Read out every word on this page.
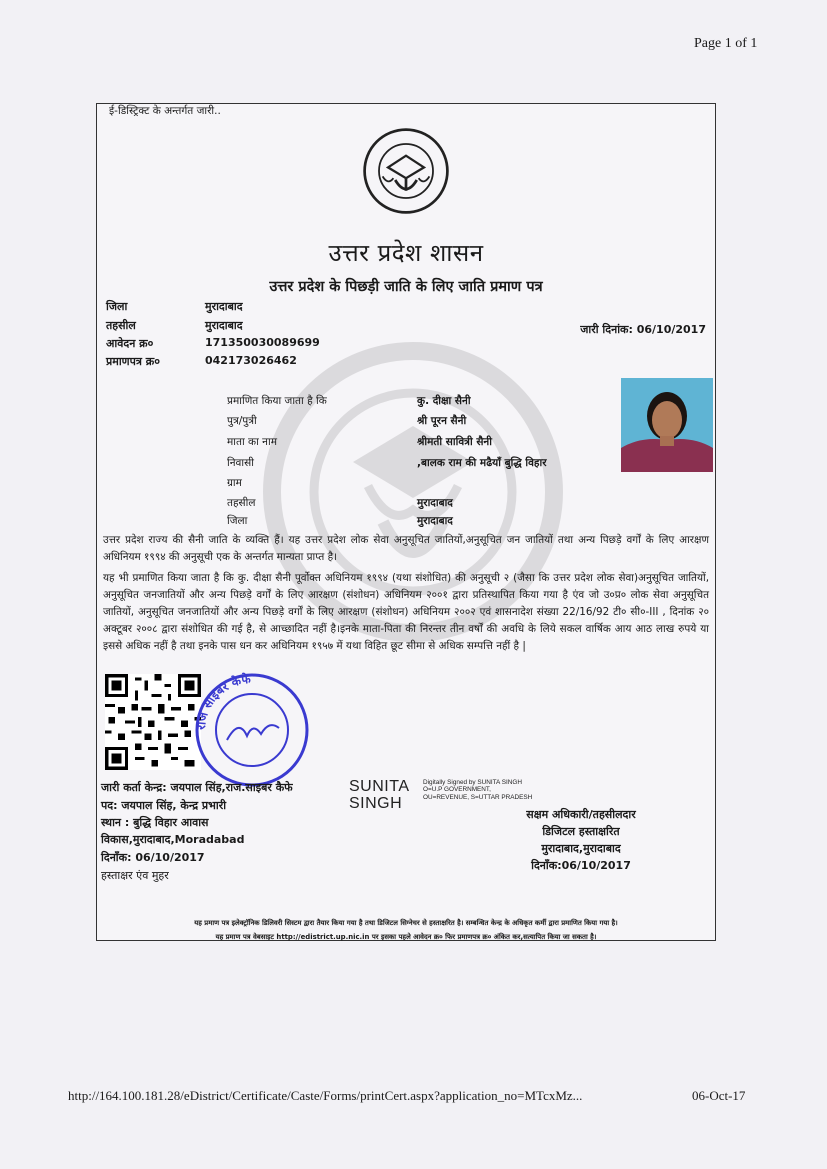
Page 1 of 1
ई-डिस्ट्रिक्ट के अन्तर्गत जारी..
उत्तर प्रदेश शासन
उत्तर प्रदेश के पिछड़ी जाति के लिए जाति प्रमाण पत्र
जिला	मुरादाबाद
तहसील	मुरादाबाद
आवेदन क्र०	171350030089699
प्रमाणपत्र क्र०	042173026462
जारी दिनांक: 06/10/2017
प्रमाणित किया जाता है कि	कु. दीक्षा सैनी
पुत्र/पुत्री	श्री पूरन सैनी
माता का नाम	श्रीमती सावित्री सैनी
निवासी	,बालक राम की मढैयाँ बुद्धि विहार
ग्राम
तहसील	मुरादाबाद
जिला	मुरादाबाद
उत्तर प्रदेश राज्य की सैनी जाति के व्यक्ति हैं। यह उत्तर प्रदेश लोक सेवा अनुसूचित जातियों,अनुसूचित जन जातियों तथा अन्य पिछड़े वर्गों के लिए आरक्षण अधिनियम १९९४ की अनुसूची एक के अन्तर्गत मान्यता प्राप्त है।
यह भी प्रमाणित किया जाता है कि कु. दीक्षा सैनी पूर्वोक्त अधिनियम १९९४ (यथा संशोधित) की अनुसूची २ (जैसा कि उत्तर प्रदेश लोक सेवा)अनुसूचित जातियों, अनुसूचित जनजातियों और अन्य पिछड़े वर्गों के लिए आरक्षण (संशोधन) अधिनियम २००१ द्वारा प्रतिस्थापित किया गया है एंव जो उ०प्र० लोक सेवा अनुसूचित जातियों, अनुसूचित जनजातियों और अन्य पिछड़े वर्गों के लिए आरक्षण (संशोधन) अधिनियम २००२ एवं शासनादेश संख्या 22/16/92 टी० सी०-III , दिनांक २० अक्टूबर २००८ द्वारा संशोधित की गई है, से आच्छादित नहीं है।इनके माता-पिता की निरन्तर तीन वर्षों की अवधि के लिये सकल वार्षिक आय आठ लाख रुपये या इससे अधिक नहीं है तथा इनके पास धन कर अधिनियम १९५७ में यथा विहित छूट सीमा से अधिक सम्पत्ति नहीं है |
राज साइबर कैफे
जारी कर्ता केन्द्र: जयपाल सिंह,राज.साइबर कैफे
पद: जयपाल सिंह, केन्द्र प्रभारी
स्थान : बुद्धि विहार आवास
विकास,मुरादाबाद,Moradabad
दिनाँक: 06/10/2017
हस्ताक्षर एंव मुहर
SUNITA
SINGH
Digitally Signed by SUNITA SINGH O=U.P GOVERNMENT, OU=REVENUE, S=UTTAR PRADESH
सक्षम अधिकारी/तहसीलदार
डिजिटल हस्ताक्षरित
मुरादाबाद,मुरादाबाद
दिनाँक:06/10/2017
यह प्रमाण पत्र इलेक्ट्रॉनिक डिलिवरी सिस्टम द्वारा तैयार किया गया है तथा डिजिटल सिग्नेचर से हस्ताक्षरित है। सम्बन्धित केन्द्र के अधिकृत कर्मी द्वारा प्रमाणित किया गया है।
यह प्रमाण पत्र वेबसाइट http://edistrict.up.nic.in पर इसका पहले आवेदन क्र० फिर प्रमाणपत्र क्र० अंकित कर,सत्यापित किया जा सकता है।
http://164.100.181.28/eDistrict/Certificate/Caste/Forms/printCert.aspx?application_no=MTcxMz...	06-Oct-17
